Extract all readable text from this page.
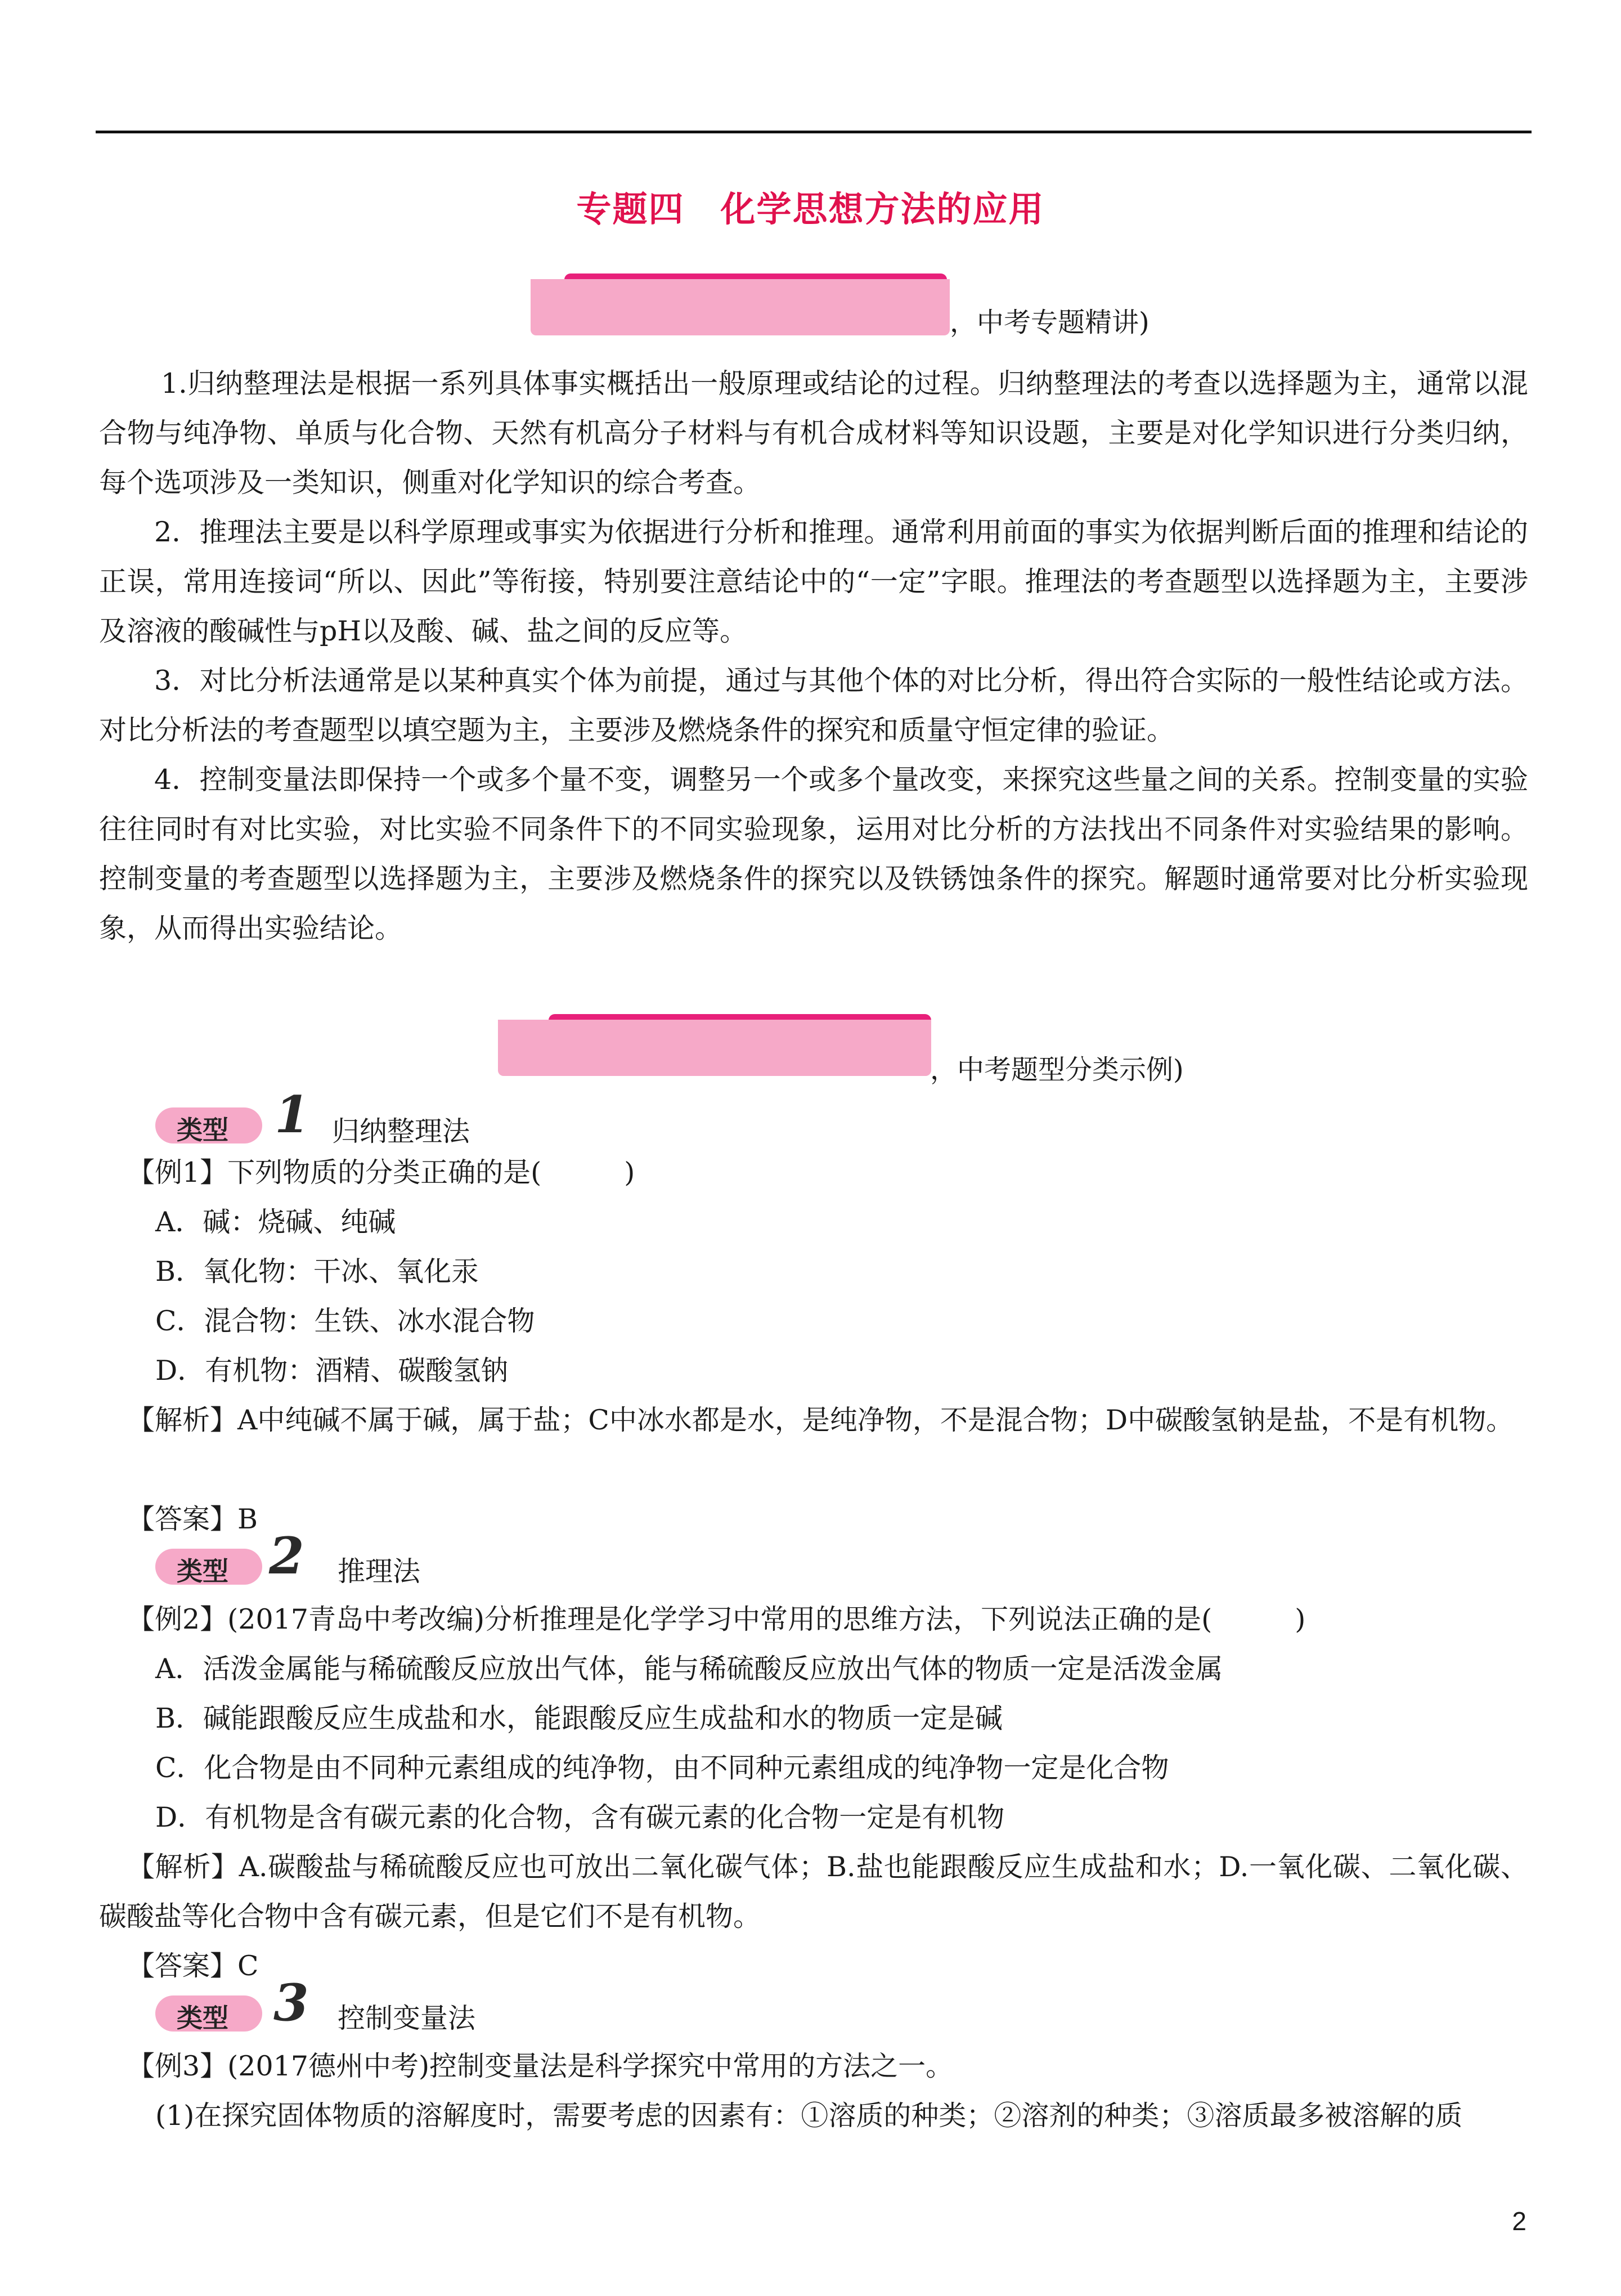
专题四　化学思想方法的应用
，中考专题精讲)

1.归纳整理法是根据一系列具体事实概括出一般原理或结论的过程。归纳整理法的考查以选择题为主，通常以混合物与纯净物、单质与化合物、天然有机高分子材料与有机合成材料等知识设题，主要是对化学知识进行分类归纳，每个选项涉及一类知识，侧重对化学知识的综合考查。

2．推理法主要是以科学原理或事实为依据进行分析和推理。通常利用前面的事实为依据判断后面的推理和结论的正误，常用连接词“所以、因此”等衔接，特别要注意结论中的“一定”字眼。推理法的考查题型以选择题为主，主要涉及溶液的酸碱性与pH以及酸、碱、盐之间的反应等。

3．对比分析法通常是以某种真实个体为前提，通过与其他个体的对比分析，得出符合实际的一般性结论或方法。对比分析法的考查题型以填空题为主，主要涉及燃烧条件的探究和质量守恒定律的验证。

4．控制变量法即保持一个或多个量不变，调整另一个或多个量改变，来探究这些量之间的关系。控制变量的实验往往同时有对比实验，对比实验不同条件下的不同实验现象，运用对比分析的方法找出不同条件对实验结果的影响。控制变量的考查题型以选择题为主，主要涉及燃烧条件的探究以及铁锈蚀条件的探究。解题时通常要对比分析实验现象，从而得出实验结论。

，中考题型分类示例)
类型 1 归纳整理法
【例1】下列物质的分类正确的是(　　　)
A．碱：烧碱、纯碱
B．氧化物：干冰、氧化汞
C．混合物：生铁、冰水混合物
D．有机物：酒精、碳酸氢钠

【解析】A中纯碱不属于碱，属于盐；C中冰水都是水，是纯净物，不是混合物；D中碳酸氢钠是盐，不是有机物。

【答案】B
类型 2 推理法
【例2】(2017青岛中考改编)分析推理是化学学习中常用的思维方法，下列说法正确的是(　　　)
A．活泼金属能与稀硫酸反应放出气体，能与稀硫酸反应放出气体的物质一定是活泼金属
B．碱能跟酸反应生成盐和水，能跟酸反应生成盐和水的物质一定是碱
C．化合物是由不同种元素组成的纯净物，由不同种元素组成的纯净物一定是化合物
D．有机物是含有碳元素的化合物，含有碳元素的化合物一定是有机物

【解析】A.碳酸盐与稀硫酸反应也可放出二氧化碳气体；B.盐也能跟酸反应生成盐和水；D.一氧化碳、二氧化碳、碳酸盐等化合物中含有碳元素，但是它们不是有机物。

【答案】C
类型 3 控制变量法
【例3】(2017德州中考)控制变量法是科学探究中常用的方法之一。
(1)在探究固体物质的溶解度时，需要考虑的因素有：①溶质的种类；②溶剂的种类；③溶质最多被溶解的质
2
